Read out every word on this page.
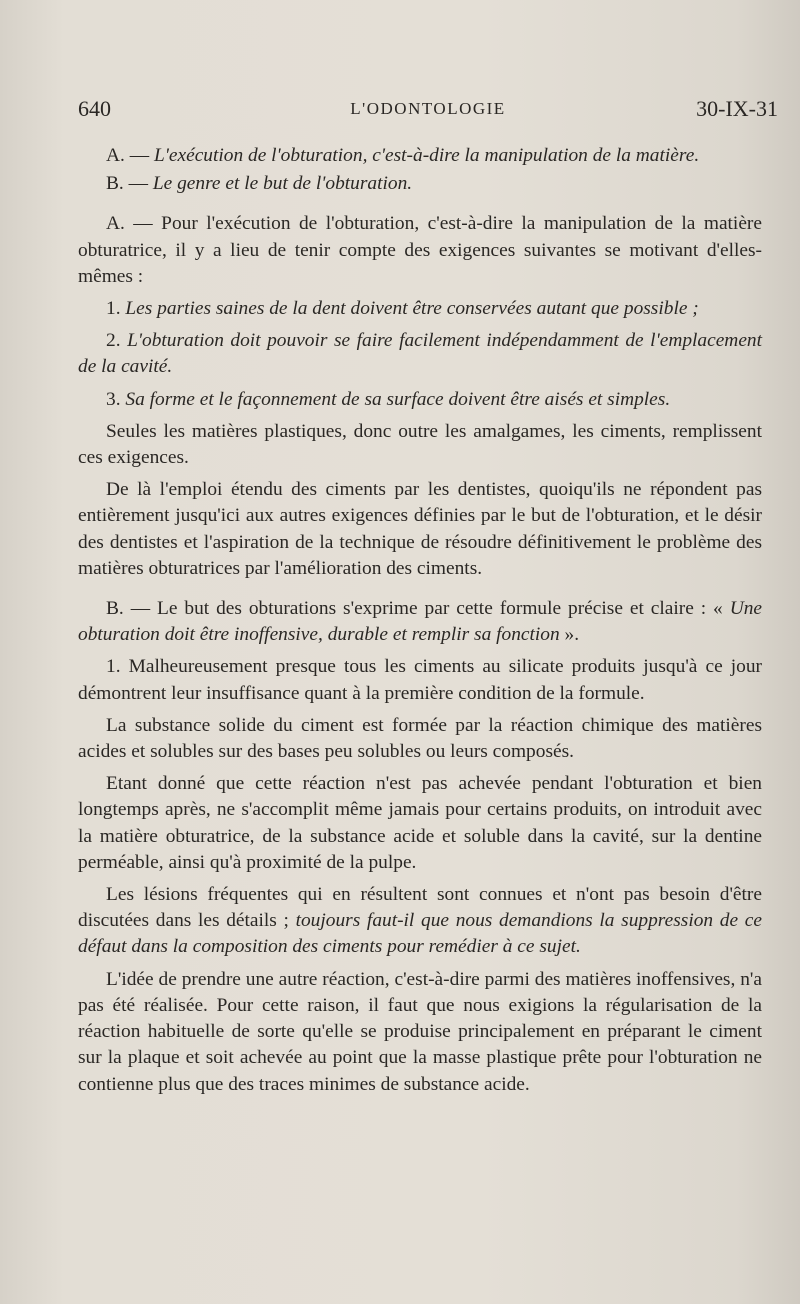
640	L'ODONTOLOGIE	30-IX-31

A. — L'exécution de l'obturation, c'est-à-dire la manipulation de la matière.

B. — Le genre et le but de l'obturation.

A. — Pour l'exécution de l'obturation, c'est-à-dire la manipulation de la matière obturatrice, il y a lieu de tenir compte des exigences suivantes se motivant d'elles-mêmes :

1. Les parties saines de la dent doivent être conservées autant que possible ;

2. L'obturation doit pouvoir se faire facilement indépendamment de l'emplacement de la cavité.

3. Sa forme et le façonnement de sa surface doivent être aisés et simples.

Seules les matières plastiques, donc outre les amalgames, les ciments, remplissent ces exigences.

De là l'emploi étendu des ciments par les dentistes, quoiqu'ils ne répondent pas entièrement jusqu'ici aux autres exigences définies par le but de l'obturation, et le désir des dentistes et l'aspiration de la technique de résoudre définitivement le problème des matières obturatrices par l'amélioration des ciments.

B. — Le but des obturations s'exprime par cette formule précise et claire : « Une obturation doit être inoffensive, durable et remplir sa fonction ».

1. Malheureusement presque tous les ciments au silicate produits jusqu'à ce jour démontrent leur insuffisance quant à la première condition de la formule.

La substance solide du ciment est formée par la réaction chimique des matières acides et solubles sur des bases peu solubles ou leurs composés.

Etant donné que cette réaction n'est pas achevée pendant l'obturation et bien longtemps après, ne s'accomplit même jamais pour certains produits, on introduit avec la matière obturatrice, de la substance acide et soluble dans la cavité, sur la dentine perméable, ainsi qu'à proximité de la pulpe.

Les lésions fréquentes qui en résultent sont connues et n'ont pas besoin d'être discutées dans les détails ; toujours faut-il que nous demandions la suppression de ce défaut dans la composition des ciments pour remédier à ce sujet.

L'idée de prendre une autre réaction, c'est-à-dire parmi des matières inoffensives, n'a pas été réalisée. Pour cette raison, il faut que nous exigions la régularisation de la réaction habituelle de sorte qu'elle se produise principalement en préparant le ciment sur la plaque et soit achevée au point que la masse plastique prête pour l'obturation ne contienne plus que des traces minimes de substance acide.
